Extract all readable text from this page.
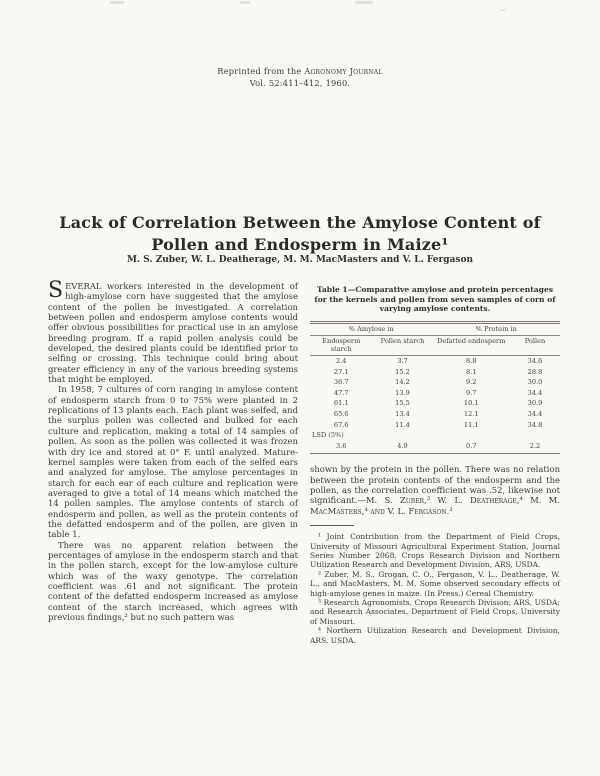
Reprinted from the Agronomy Journal
Vol. 52:411–412, 1960.
Lack of Correlation Between the Amylose Content of Pollen and Endosperm in Maize¹
M. S. Zuber, W. L. Deatherage, M. M. MacMasters and V. L. Fergason

SEVERAL workers interested in the development of high-amylose corn have suggested that the amylose content of the pollen be investigated. A correlation between pollen and endosperm amylose contents would offer obvious possibilities for practical use in an amylose breeding program. If a rapid pollen analysis could be developed, the desired plants could be identified prior to selfing or crossing. This technique could bring about greater efficiency in any of the various breeding systems that might be employed.

In 1958, 7 cultures of corn ranging in amylose content of endosperm starch from 0 to 75% were planted in 2 replications of 13 plants each. Each plant was selfed, and the surplus pollen was collected and bulked for each culture and replication, making a total of 14 samples of pollen. As soon as the pollen was collected it was frozen with dry ice and stored at 0° F. until analyzed. Mature-kernel samples were taken from each of the selfed ears and analyzed for amylose. The amylose percentages in starch for each ear of each culture and replication were averaged to give a total of 14 means which matched the 14 pollen samples. The amylose contents of starch of endosperm and pollen, as well as the protein contents of the defatted endosperm and of the pollen, are given in table 1.

There was no apparent relation between the percentages of amylose in the endosperm starch and that in the pollen starch, except for the low-amylose culture which was of the waxy genotype. The correlation coefficient was .61 and not significant. The protein content of the defatted endosperm increased as amylose content of the starch increased, which agrees with previous findings,² but no such pattern was

Table 1—Comparative amylose and protein percentages for the kernels and pollen from seven samples of corn of varying amylose contents.
% Amylose in		% Protein in	
Endosperm starch	Pollen starch	Defatted endosperm	Pollen
2.4	3.7	8.8	34.6
27.1	15.2	8.1	28.8
36.7	14.2	9.2	30.0
47.7	13.9	9.7	34.4
61.1	15.5	10.1	30.9
65.6	13.4	12.1	34.4
67.6	11.4	11.1	34.8
LSD (5%)			
3.6	4.9	0.7	2.2

shown by the protein in the pollen. There was no relation between the protein contents of the endosperm and the pollen, as the correlation coefficient was .52, likewise not significant.—M. S. Zuber,³ W. L. Deatherage,⁴ M. M. MacMasters,⁴ and V. L. Fergason.³

¹ Joint Contribution from the Department of Field Crops, University of Missouri Agricultural Experiment Station, Journal Series Number 2068, Crops Research Division and Northern Utilization Research and Development Division, ARS, USDA.

² Zuber, M. S., Grogan, C. O., Fergason, V. L., Deatherage, W. L., and MacMasters, M. M. Some observed secondary effects of high-amylose genes in maize. (In Press.) Cereal Chemistry.

³ Research Agronomists, Crops Research Division; ARS, USDA; and Research Associates, Department of Field Crops, University of Missouri.

⁴ Northern Utilization Research and Development Division, ARS, USDA.
